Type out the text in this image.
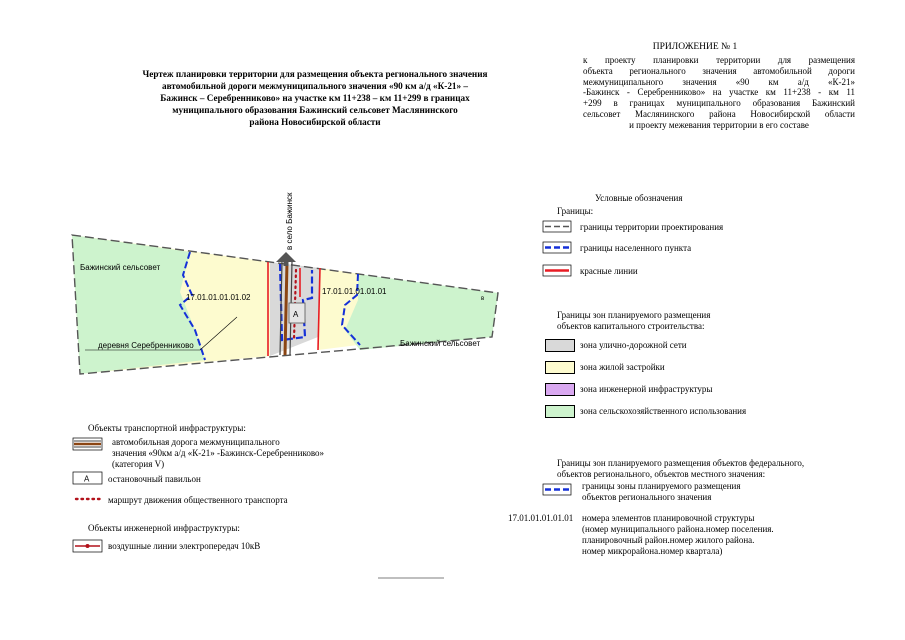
Чертеж планировки территории для размещения объекта регионального значения
автомобильной дороги межмуниципального значения «90 км а/д «К-21» –
Бажинск – Серебренниково» на участке км 11+238 – км 11+299 в границах
муниципального образования Бажинский сельсовет Маслянинского
района Новосибирской области
ПРИЛОЖЕНИЕ № 1
к проекту планировки территории для размещения
объекта регионального значения автомобильной дороги
межмуниципального значения «90 км а/д «К-21»
-Бажинск - Серебренниково» на участке км 11+238 - км 11
+299 в границах муниципального образования Бажинский
сельсовет Маслянинского района Новосибирской области
и проекту межевания территории в его составе
А
в село Бажинск
Бажинский сельсовет
Бажинский сельсовет
17.01.01.01.01.02
17.01.01.01.01.01
в
деревня Серебренниково
Условные обозначения
Границы:
границы территории проектирования
границы населенного пункта
красные линии
Границы зон планируемого размещения
объектов капитального строительства:
зона улично-дорожной сети
зона жилой застройки
зона инженерной инфраструктуры
зона сельскохозяйственного использования
Границы зон планируемого размещения объектов федерального,
объектов регионального, объектов местного значения:
границы зоны планируемого размещения
объектов регионального значения
17.01.01.01.01.01 номера элементов планировочной структуры
(номер муниципального района.номер поселения.
планировочный район.номер жилого района.
номер микрорайона.номер квартала)
Объекты транспортной инфраструктуры:
А
автомобильная дорога межмуниципального
значения «90км а/д «К-21» -Бажинск-Серебренниково»
(категория V)
остановочный павильон
маршрут движения общественного транспорта
Объекты инженерной инфраструктуры:
воздушные линии электропередач 10кВ
